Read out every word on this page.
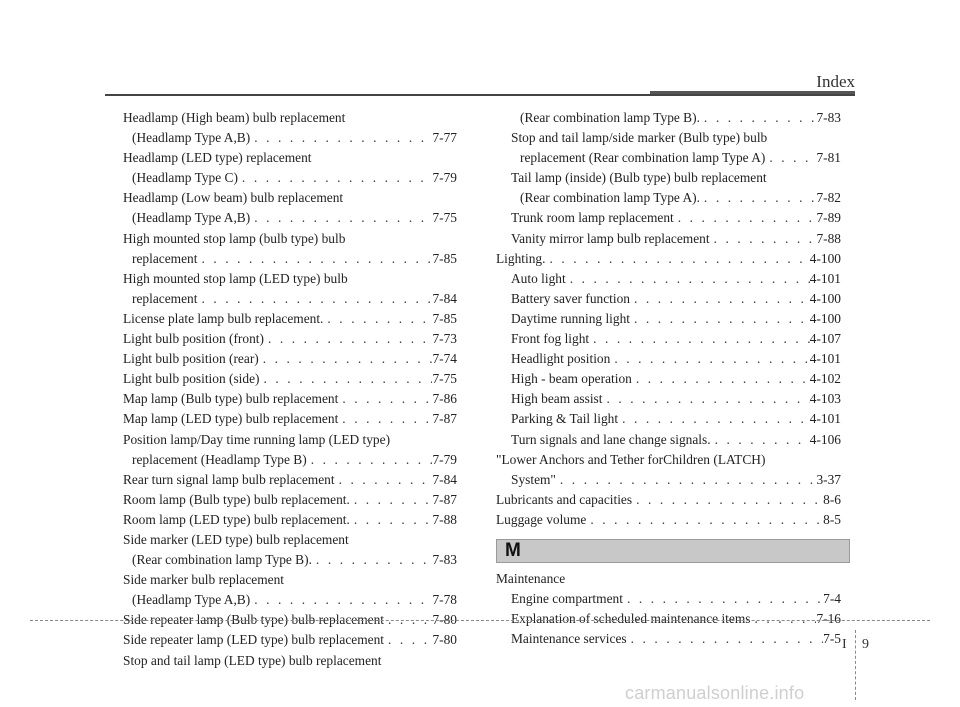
Index
Headlamp (High beam) bulb replacement
(Headlamp Type A,B) . . .	7-77
Headlamp (LED type) replacement
(Headlamp Type C) . . .	7-79
Headlamp (Low beam) bulb replacement
(Headlamp Type A,B) . . .	7-75
High mounted stop lamp (bulb type) bulb
replacement . . .	7-85
High mounted stop lamp (LED type) bulb
replacement . . .	7-84
License plate lamp bulb replacement. . . .	7-85
Light bulb position (front) . . .	7-73
Light bulb position (rear) . . .	7-74
Light bulb position (side) . . .	7-75
Map lamp (Bulb type) bulb replacement . . .	7-86
Map lamp (LED type) bulb replacement . . .	7-87
Position lamp/Day time running lamp (LED type)
replacement (Headlamp Type B) . . .	7-79
Rear turn signal lamp bulb replacement . . .	7-84
Room lamp (Bulb type) bulb replacement. . . .	7-87
Room lamp (LED type) bulb replacement. . . .	7-88
Side marker (LED type) bulb replacement
(Rear combination lamp Type B). . . .	7-83
Side marker bulb replacement
(Headlamp Type A,B) . . .	7-78
Side repeater lamp (Bulb type) bulb replacement . . .	7-80
Side repeater lamp (LED type) bulb replacement . . .	7-80
Stop and tail lamp (LED type) bulb replacement
(Rear combination lamp Type B). . . .	7-83
Stop and tail lamp/side marker (Bulb type) bulb
replacement (Rear combination lamp Type A) . . .	7-81
Tail lamp (inside) (Bulb type) bulb replacement
(Rear combination lamp Type A). . . .	7-82
Trunk room lamp replacement . . .	7-89
Vanity mirror lamp bulb replacement . . .	7-88
Lighting. . . .	4-100
Auto light . . .	4-101
Battery saver function . . .	4-100
Daytime running light . . .	4-100
Front fog light . . .	4-107
Headlight position . . .	4-101
High - beam operation . . .	4-102
High beam assist . . .	4-103
Parking & Tail light . . .	4-101
Turn signals and lane change signals. . . .	4-106
"Lower Anchors and Tether forChildren (LATCH)
System" . . .	3-37
Lubricants and capacities . . .	8-6
Luggage volume . . .	8-5
M
Maintenance
Engine compartment . . .	7-4
Explanation of scheduled maintenance items . . .	7-16
Maintenance services . . .	7-5 I 9
carmanualsonline.info
